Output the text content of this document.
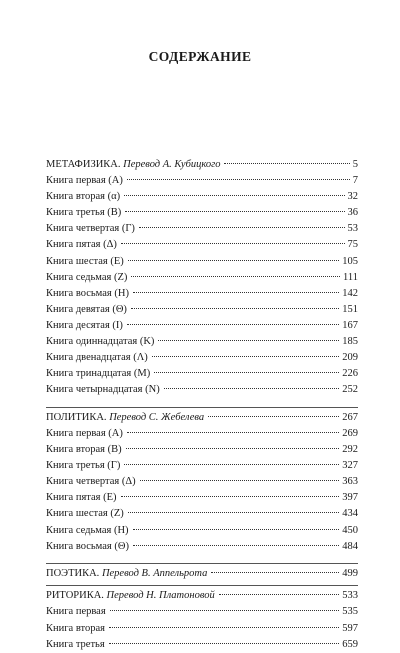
СОДЕРЖАНИЕ
МЕТАФИЗИКА. Перевод А. Кубицкого	5
Книга первая (A)	7
Книга вторая (α)	32
Книга третья (B)	36
Книга четвертая (Г)	53
Книга пятая (Δ)	75
Книга шестая (E)	105
Книга седьмая (Z)	111
Книга восьмая (H)	142
Книга девятая (Θ)	151
Книга десятая (I)	167
Книга одиннадцатая (K)	185
Книга двенадцатая (Λ)	209
Книга тринадцатая (M)	226
Книга четырнадцатая (N)	252
ПОЛИТИКА. Перевод С. Жебелева	267
Книга первая (A)	269
Книга вторая (B)	292
Книга третья (Г)	327
Книга четвертая (Δ)	363
Книга пятая (E)	397
Книга шестая (Z)	434
Книга седьмая (H)	450
Книга восьмая (Θ)	484
ПОЭТИКА. Перевод В. Аппельрота	499
РИТОРИКА. Перевод Н. Платоновой	533
Книга первая	535
Книга вторая	597
Книга третья	659
